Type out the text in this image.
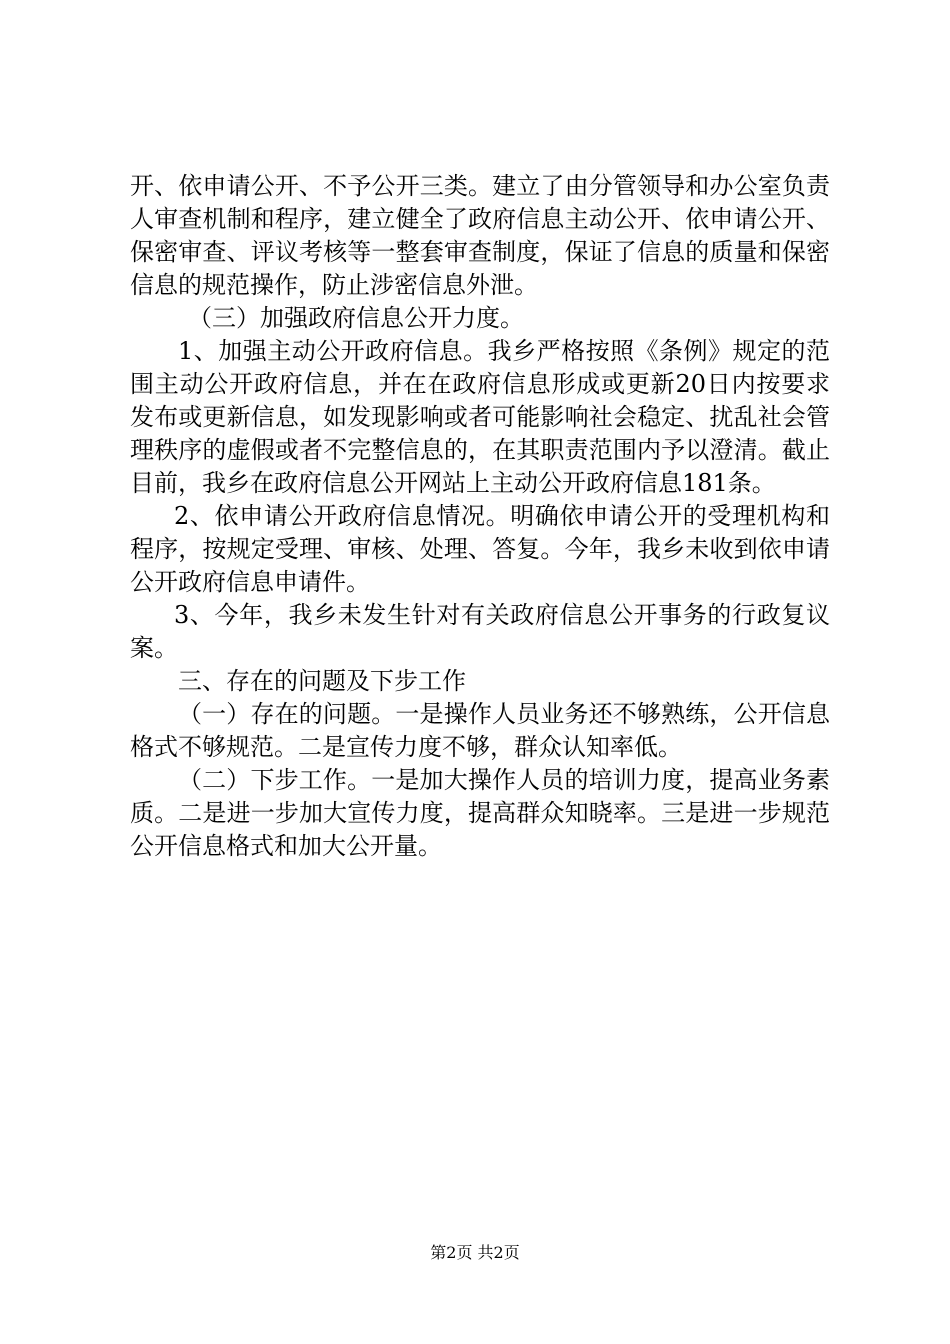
开、依申请公开、不予公开三类。建立了由分管领导和办公室负责人审查机制和程序，建立健全了政府信息主动公开、依申请公开、保密审查、评议考核等一整套审查制度，保证了信息的质量和保密信息的规范操作，防止涉密信息外泄。

（三）加强政府信息公开力度。

1、加强主动公开政府信息。我乡严格按照《条例》规定的范围主动公开政府信息，并在在政府信息形成或更新20日内按要求发布或更新信息，如发现影响或者可能影响社会稳定、扰乱社会管理秩序的虚假或者不完整信息的，在其职责范围内予以澄清。截止目前，我乡在政府信息公开网站上主动公开政府信息181条。

2、依申请公开政府信息情况。明确依申请公开的受理机构和程序，按规定受理、审核、处理、答复。今年，我乡未收到依申请公开政府信息申请件。

3、今年，我乡未发生针对有关政府信息公开事务的行政复议案。

三、存在的问题及下步工作

（一）存在的问题。一是操作人员业务还不够熟练，公开信息格式不够规范。二是宣传力度不够，群众认知率低。

（二）下步工作。一是加大操作人员的培训力度，提高业务素质。二是进一步加大宣传力度，提高群众知晓率。三是进一步规范公开信息格式和加大公开量。

第2页 共2页
